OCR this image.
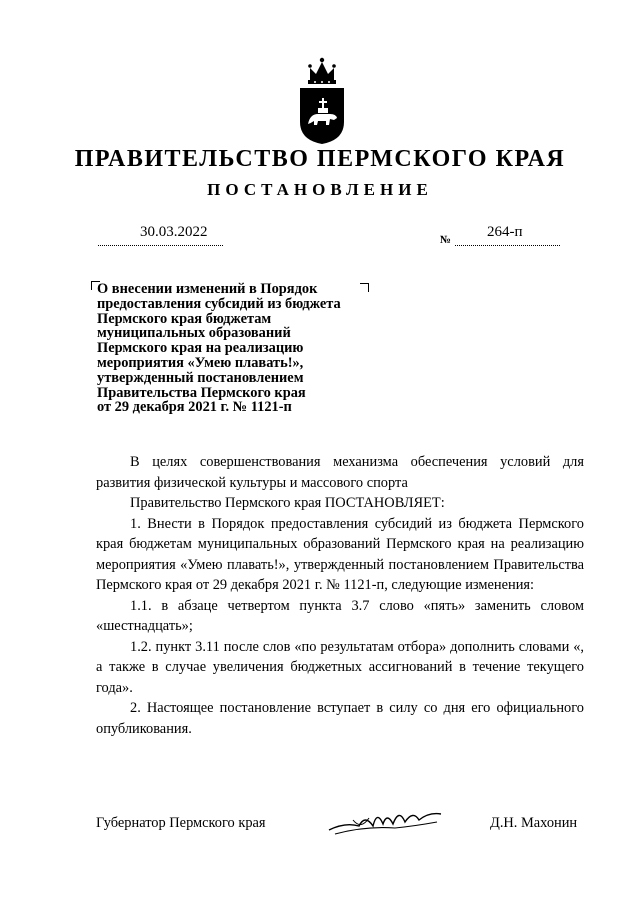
ПРАВИТЕЛЬСТВО ПЕРМСКОГО КРАЯ
ПОСТАНОВЛЕНИЕ
30.03.2022	№ 264-п
О внесении изменений в Порядок
предоставления субсидий из бюджета
Пермского края бюджетам
муниципальных образований
Пермского края на реализацию
мероприятия «Умею плавать!»,
утвержденный постановлением
Правительства Пермского края
от 29 декабря 2021 г. № 1121-п

В целях совершенствования механизма обеспечения условий для развития физической культуры и массового спорта

Правительство Пермского края ПОСТАНОВЛЯЕТ:

1. Внести в Порядок предоставления субсидий из бюджета Пермского края бюджетам муниципальных образований Пермского края на реализацию мероприятия «Умею плавать!», утвержденный постановлением Правительства Пермского края от 29 декабря 2021 г. № 1121-п, следующие изменения:

1.1. в абзаце четвертом пункта 3.7 слово «пять» заменить словом «шестнадцать»;

1.2. пункт 3.11 после слов «по результатам отбора» дополнить словами «, а также в случае увеличения бюджетных ассигнований в течение текущего года».

2. Настоящее постановление вступает в силу со дня его официального опубликования.

Губернатор Пермского края	Д.Н. Махонин
